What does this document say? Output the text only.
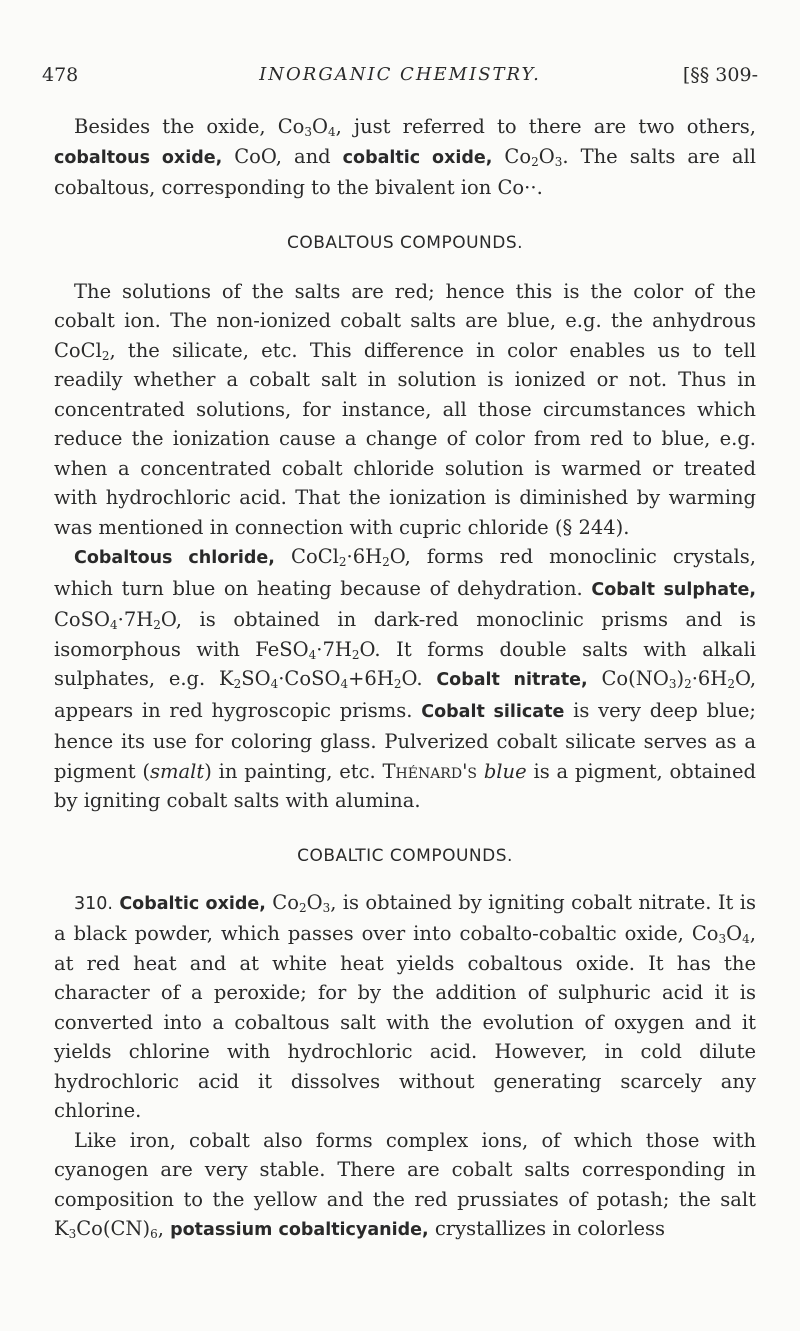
478	INORGANIC CHEMISTRY.	[§§ 309-

Besides the oxide, $Co_3O_4$, just referred to there are two others, cobaltous oxide, CoO, and cobaltic oxide, $Co_2O_3$. The salts are all cobaltous, corresponding to the bivalent ion Co··.

COBALTOUS COMPOUNDS.

The solutions of the salts are red; hence this is the color of the cobalt ion. The non-ionized cobalt salts are blue, e.g. the anhydrous CoCl$_2$, the silicate, etc. This difference in color enables us to tell readily whether a cobalt salt in solution is ionized or not. Thus in concentrated solutions, for instance, all those circumstances which reduce the ionization cause a change of color from red to blue, e.g. when a concentrated cobalt chloride solution is warmed or treated with hydrochloric acid. That the ionization is diminished by warming was mentioned in connection with cupric chloride (§ 244).

Cobaltous chloride, $CoCl_2\cdot 6H_2O$, forms red monoclinic crystals, which turn blue on heating because of dehydration. Cobalt sulphate, $CoSO_4\cdot 7H_2O$, is obtained in dark-red monoclinic prisms and is isomorphous with $FeSO_4\cdot 7H_2O$. It forms double salts with alkali sulphates, e.g. $K_2SO_4\cdot CoSO_4+6H_2O$. Cobalt nitrate, $Co(NO_3)_2\cdot 6H_2O$, appears in red hygroscopic prisms. Cobalt silicate is very deep blue; hence its use for coloring glass. Pulverized cobalt silicate serves as a pigment (smalt) in painting, etc. Thénard's blue is a pigment, obtained by igniting cobalt salts with alumina.

COBALTIC COMPOUNDS.

310. Cobaltic oxide, $Co_2O_3$, is obtained by igniting cobalt nitrate. It is a black powder, which passes over into cobalto-cobaltic oxide, $Co_3O_4$, at red heat and at white heat yields cobaltous oxide. It has the character of a peroxide; for by the addition of sulphuric acid it is converted into a cobaltous salt with the evolution of oxygen and it yields chlorine with hydrochloric acid. However, in cold dilute hydrochloric acid it dissolves without generating scarcely any chlorine.

Like iron, cobalt also forms complex ions, of which those with cyanogen are very stable. There are cobalt salts corresponding in composition to the yellow and the red prussiates of potash; the salt $K_3Co(CN)_6$, potassium cobalticyanide, crystallizes in colorless
